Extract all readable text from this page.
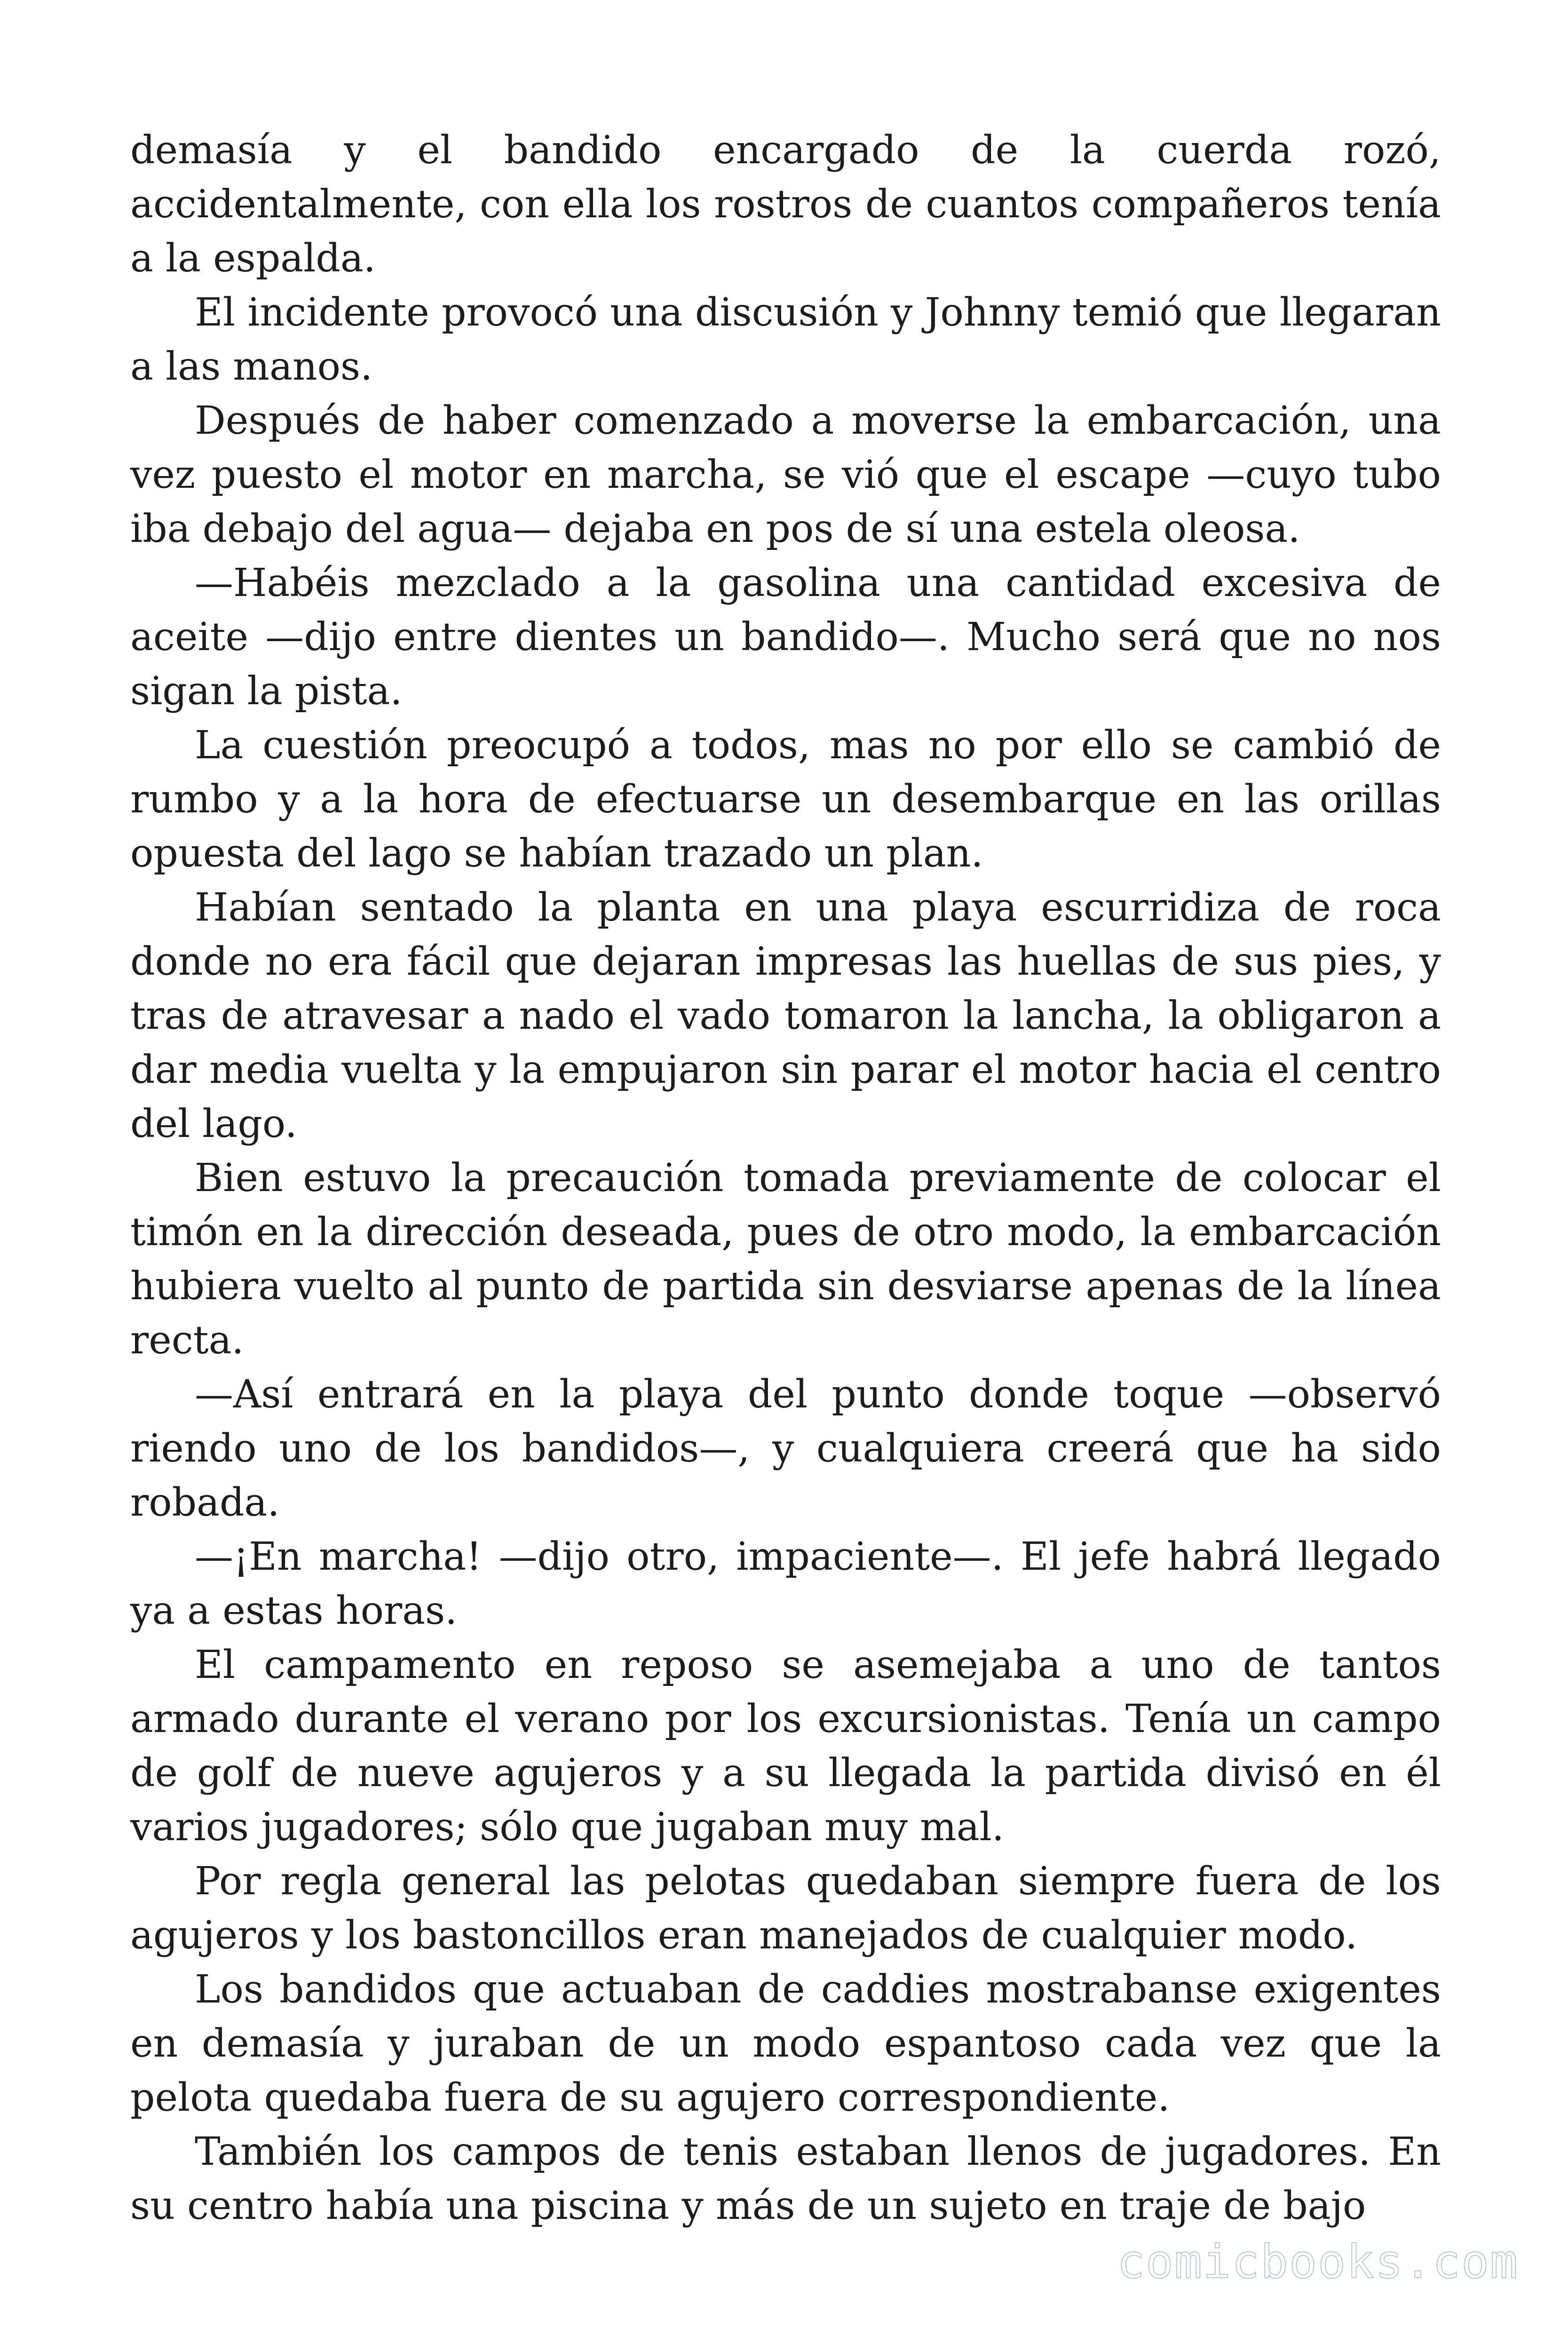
demasía y el bandido encargado de la cuerda rozó, accidentalmente, con ella los rostros de cuantos compañeros tenía a la espalda.

El incidente provocó una discusión y Johnny temió que llegaran a las manos.

Después de haber comenzado a moverse la embarcación, una vez puesto el motor en marcha, se vió que el escape —cuyo tubo iba debajo del agua— dejaba en pos de sí una estela oleosa.

—Habéis mezclado a la gasolina una cantidad excesiva de aceite —dijo entre dientes un bandido—. Mucho será que no nos sigan la pista.

La cuestión preocupó a todos, mas no por ello se cambió de rumbo y a la hora de efectuarse un desembarque en las orillas opuesta del lago se habían trazado un plan.

Habían sentado la planta en una playa escurridiza de roca donde no era fácil que dejaran impresas las huellas de sus pies, y tras de atravesar a nado el vado tomaron la lancha, la obligaron a dar media vuelta y la empujaron sin parar el motor hacia el centro del lago.

Bien estuvo la precaución tomada previamente de colocar el timón en la dirección deseada, pues de otro modo, la embarcación hubiera vuelto al punto de partida sin desviarse apenas de la línea recta.

—Así entrará en la playa del punto donde toque —observó riendo uno de los bandidos—, y cualquiera creerá que ha sido robada.

—¡En marcha! —dijo otro, impaciente—. El jefe habrá llegado ya a estas horas.

El campamento en reposo se asemejaba a uno de tantos armado durante el verano por los excursionistas. Tenía un campo de golf de nueve agujeros y a su llegada la partida divisó en él varios jugadores; sólo que jugaban muy mal.

Por regla general las pelotas quedaban siempre fuera de los agujeros y los bastoncillos eran manejados de cualquier modo.

Los bandidos que actuaban de caddies mostrabanse exigentes en demasía y juraban de un modo espantoso cada vez que la pelota quedaba fuera de su agujero correspondiente.

También los campos de tenis estaban llenos de jugadores. En su centro había una piscina y más de un sujeto en traje de bajo

comicbooks.com
